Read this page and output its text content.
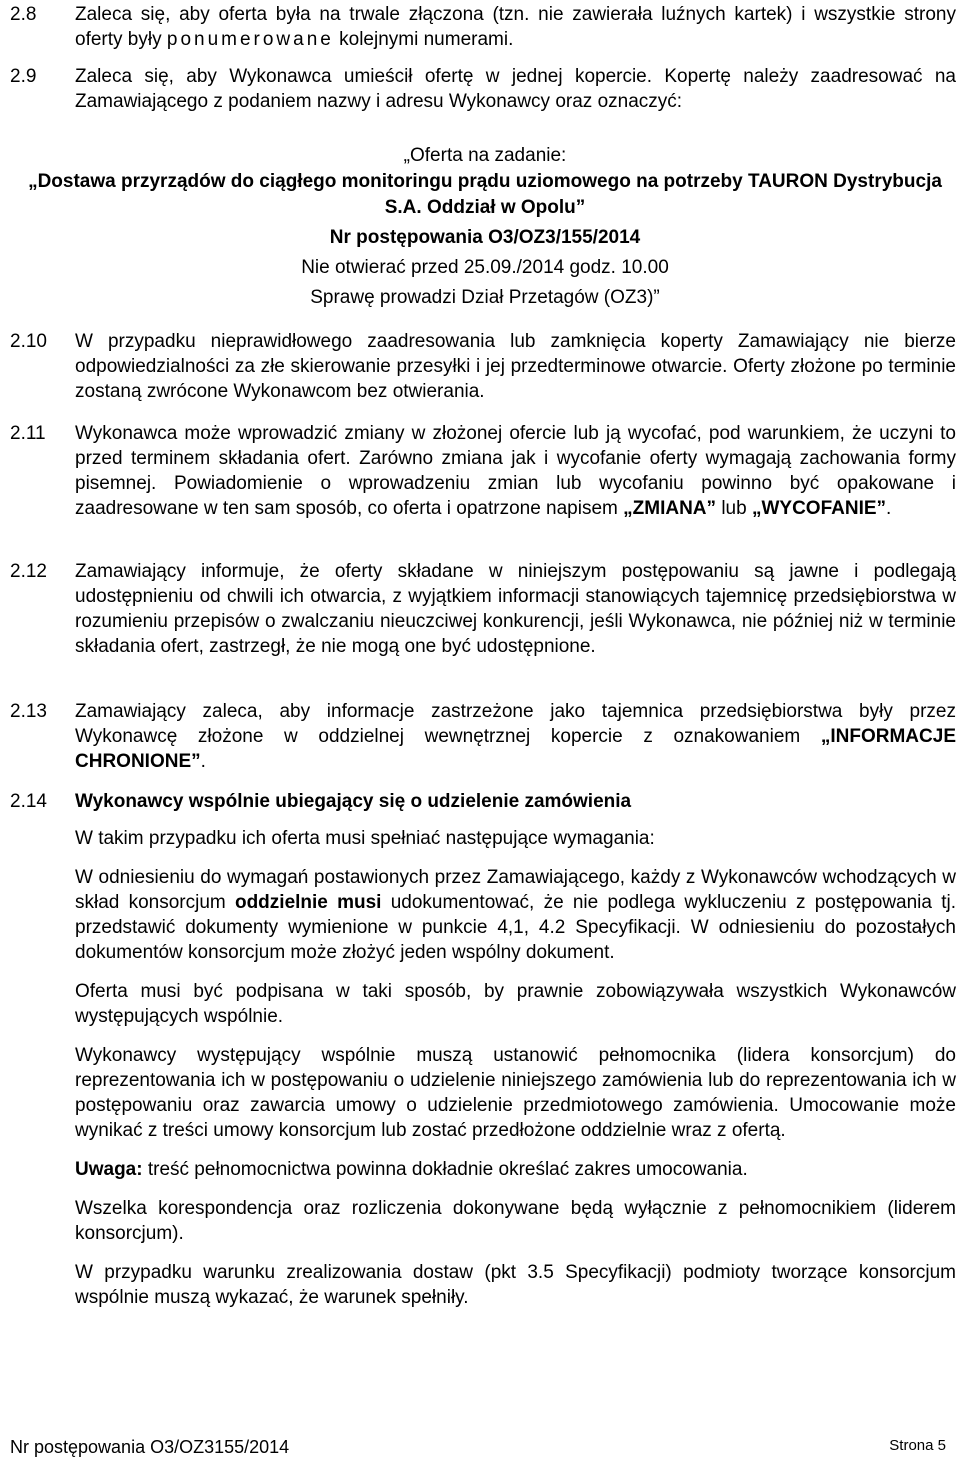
2.8 Zaleca się, aby oferta była na trwale złączona (tzn. nie zawierała luźnych kartek) i wszystkie strony oferty były ponumerowane kolejnymi numerami.
2.9 Zaleca się, aby Wykonawca umieścił ofertę w jednej kopercie. Kopertę należy zaadresować na Zamawiającego z podaniem nazwy i adresu Wykonawcy oraz oznaczyć:
„Oferta na zadanie:
„Dostawa przyrządów do ciągłego monitoringu prądu uziomowego na potrzeby TAURON Dystrybucja S.A. Oddział w Opolu”
Nr postępowania O3/OZ3/155/2014
Nie otwierać przed 25.09./2014 godz. 10.00
Sprawę prowadzi Dział Przetagów (OZ3)”
2.10 W przypadku nieprawidłowego zaadresowania lub zamknięcia koperty Zamawiający nie bierze odpowiedzialności za złe skierowanie przesyłki i jej przedterminowe otwarcie. Oferty złożone po terminie zostaną zwrócone Wykonawcom bez otwierania.
2.11 Wykonawca może wprowadzić zmiany w złożonej ofercie lub ją wycofać, pod warunkiem, że uczyni to przed terminem składania ofert. Zarówno zmiana jak i wycofanie oferty wymagają zachowania formy pisemnej. Powiadomienie o wprowadzeniu zmian lub wycofaniu powinno być opakowane i zaadresowane w ten sam sposób, co oferta i opatrzone napisem „ZMIANA” lub „WYCOFANIE”.
2.12 Zamawiający informuje, że oferty składane w niniejszym postępowaniu są jawne i podlegają udostępnieniu od chwili ich otwarcia, z wyjątkiem informacji stanowiących tajemnicę przedsiębiorstwa w rozumieniu przepisów o zwalczaniu nieuczciwej konkurencji, jeśli Wykonawca, nie później niż w terminie składania ofert, zastrzegł, że nie mogą one być udostępnione.
2.13 Zamawiający zaleca, aby informacje zastrzeżone jako tajemnica przedsiębiorstwa były przez Wykonawcę złożone w oddzielnej wewnętrznej kopercie z oznakowaniem „INFORMACJE CHRONIONE”.
2.14 Wykonawcy wspólnie ubiegający się o udzielenie zamówienia
W takim przypadku ich oferta musi spełniać następujące wymagania:
W odniesieniu do wymagań postawionych przez Zamawiającego, każdy z Wykonawców wchodzących w skład konsorcjum oddzielnie musi udokumentować, że nie podlega wykluczeniu z postępowania tj. przedstawić dokumenty wymienione w punkcie 4,1, 4.2 Specyfikacji. W odniesieniu do pozostałych dokumentów konsorcjum może złożyć jeden wspólny dokument.
Oferta musi być podpisana w taki sposób, by prawnie zobowiązywała wszystkich Wykonawców występujących wspólnie.
Wykonawcy występujący wspólnie muszą ustanowić pełnomocnika (lidera konsorcjum) do reprezentowania ich w postępowaniu o udzielenie niniejszego zamówienia lub do reprezentowania ich w postępowaniu oraz zawarcia umowy o udzielenie przedmiotowego zamówienia. Umocowanie może wynikać z treści umowy konsorcjum lub zostać przedłożone oddzielnie wraz z ofertą.
Uwaga: treść pełnomocnictwa powinna dokładnie określać zakres umocowania.
Wszelka korespondencja oraz rozliczenia dokonywane będą wyłącznie z pełnomocnikiem (liderem konsorcjum).
W przypadku warunku zrealizowania dostaw (pkt 3.5 Specyfikacji) podmioty tworzące konsorcjum wspólnie muszą wykazać, że warunek spełniły.
Nr postępowania O3/OZ3155/2014	Strona 5
